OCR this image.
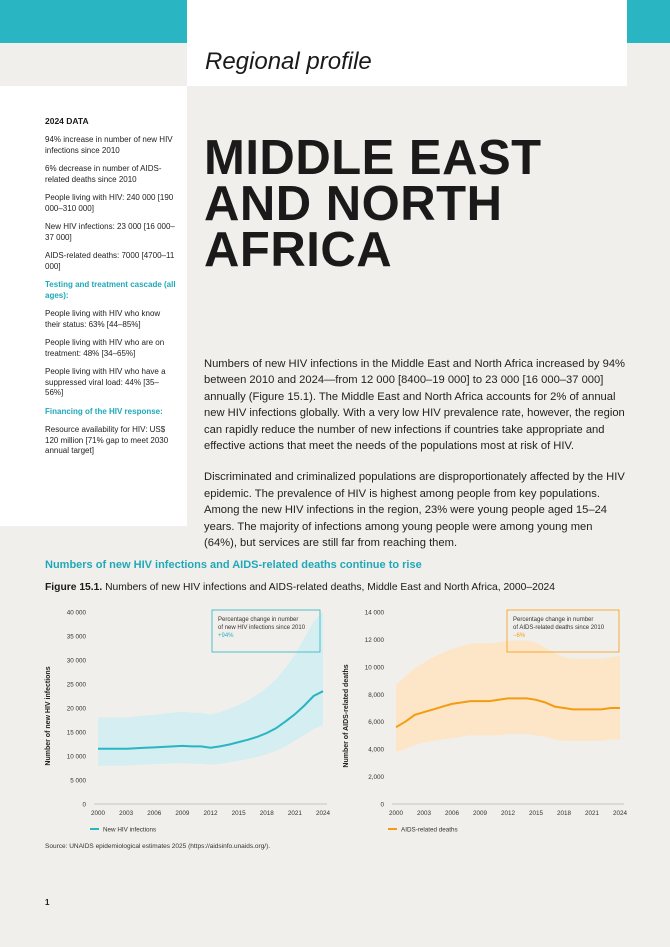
Regional profile
2024 DATA
94% increase in number of new HIV infections since 2010
6% decrease in number of AIDS-related deaths since 2010
People living with HIV: 240 000 [190 000–310 000]
New HIV infections: 23 000 [16 000–37 000]
AIDS-related deaths: 7000 [4700–11 000]
Testing and treatment cascade (all ages):
People living with HIV who know their status: 63% [44–85%]
People living with HIV who are on treatment: 48% [34–65%]
People living with HIV who have a suppressed viral load: 44% [35–56%]
Financing of the HIV response:
Resource availability for HIV: US$ 120 million [71% gap to meet 2030 annual target]
MIDDLE EAST
AND NORTH
AFRICA

Numbers of new HIV infections in the Middle East and North Africa increased by 94% between 2010 and 2024—from 12 000 [8400–19 000] to 23 000 [16 000–37 000] annually (Figure 15.1). The Middle East and North Africa accounts for 2% of annual new HIV infections globally. With a very low HIV prevalence rate, however, the region can rapidly reduce the number of new infections if countries take appropriate and effective actions that meet the needs of the populations most at risk of HIV.

Discriminated and criminalized populations are disproportionately affected by the HIV epidemic. The prevalence of HIV is highest among people from key populations. Among the new HIV infections in the region, 23% were young people aged 15–24 years. The majority of infections among young people were among young men (64%), but services are still far from reaching them.

Numbers of new HIV infections and AIDS-related deaths continue to rise
Figure 15.1. Numbers of new HIV infections and AIDS-related deaths, Middle East and North Africa, 2000–2024
0
5 000
10 000
15 000
20 000
25 000
30 000
35 000
40 000
2000 2003 2006 2009 2012 2015 2018 2021 2024
Number of new HIV infections
New HIV infections
Percentage change in number
of new HIV infections since 2010
+94%
0
2,000
4,000
6,000
8,000
10 000
12 000
14 000
2000 2003 2006 2009 2012 2015 2018 2021 2024
Number of AIDS-related deaths
AIDS-related deaths
Percentage change in number
of AIDS-related deaths since 2010
−6%
Source: UNAIDS epidemiological estimates 2025 (https://aidsinfo.unaids.org/).
1
